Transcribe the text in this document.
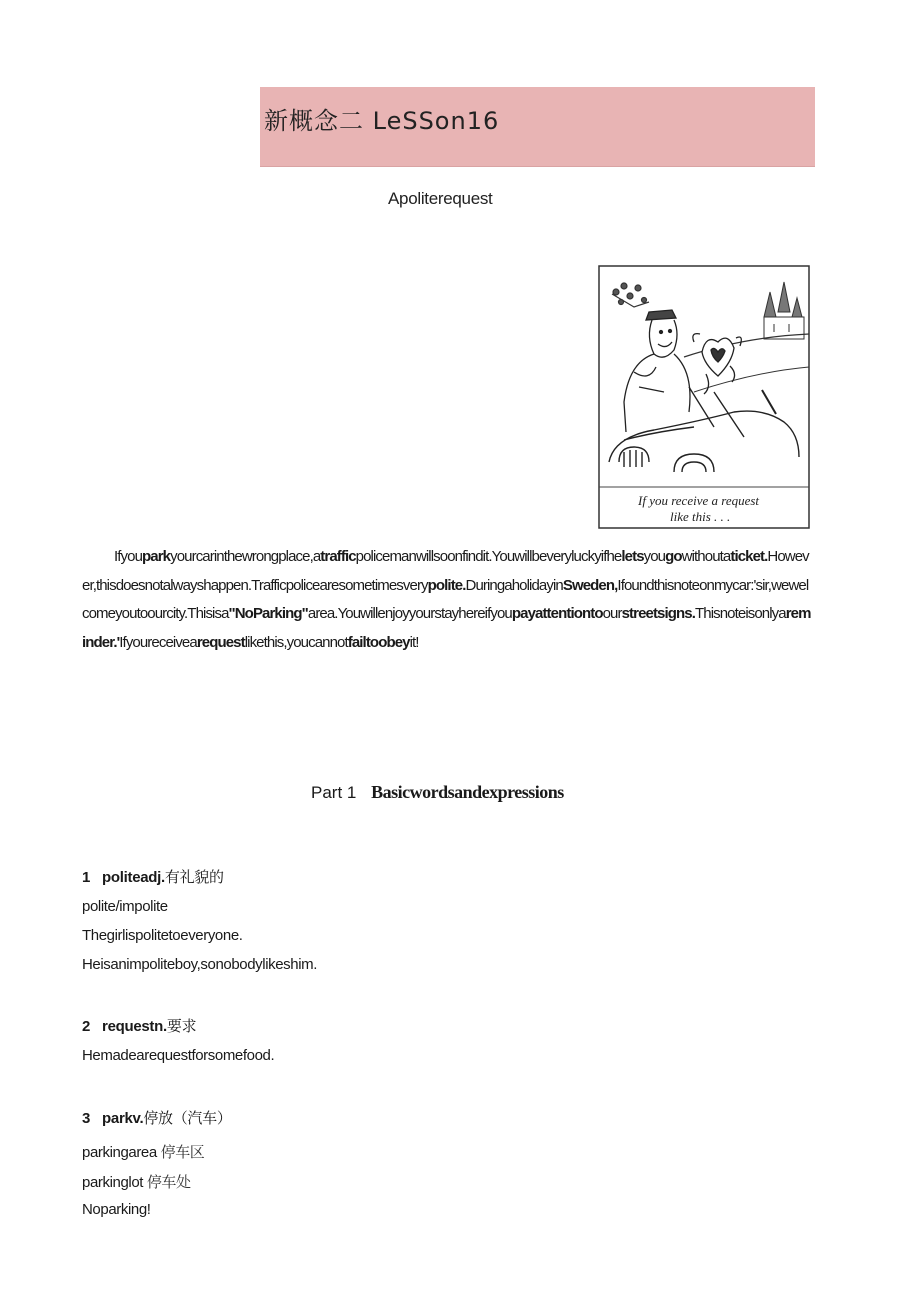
新概念二 LeSSon16
Apoliterequest
If you receive a request
like this . . .
Ifyouparkyourcarinthewrongplace,atrafficpolicemanwillsoonfindit.Youwillbeveryluckyifheletsyougowithoutaticket.However,thisdoesnotalwayshappen.Trafficpolicearesometimesverypolite.DuringaholidayinSweden,Ifoundthisnoteonmycar:'sir,wewelcomeyoutoourcity.Thisisa"NoParking"area.Youwillenjoyyourstayhereifyoupayattentiontoourstreetsigns.Thisnoteisonlyareminder.'Ifyoureceivearequestlikethis,youcannotfailtoobeyit!
Part 1 Basicwordsandexpressions
1 politeadj.有礼貌的
polite/impolite
Thegirlispolitetoeveryone.
Heisanimpoliteboy,sonobodylikeshim.
2 requestn.要求
Hemadearequestforsomefood.
3 parkv.停放（汽车）
parkingarea 停车区
parkinglot 停车处
Noparking!
